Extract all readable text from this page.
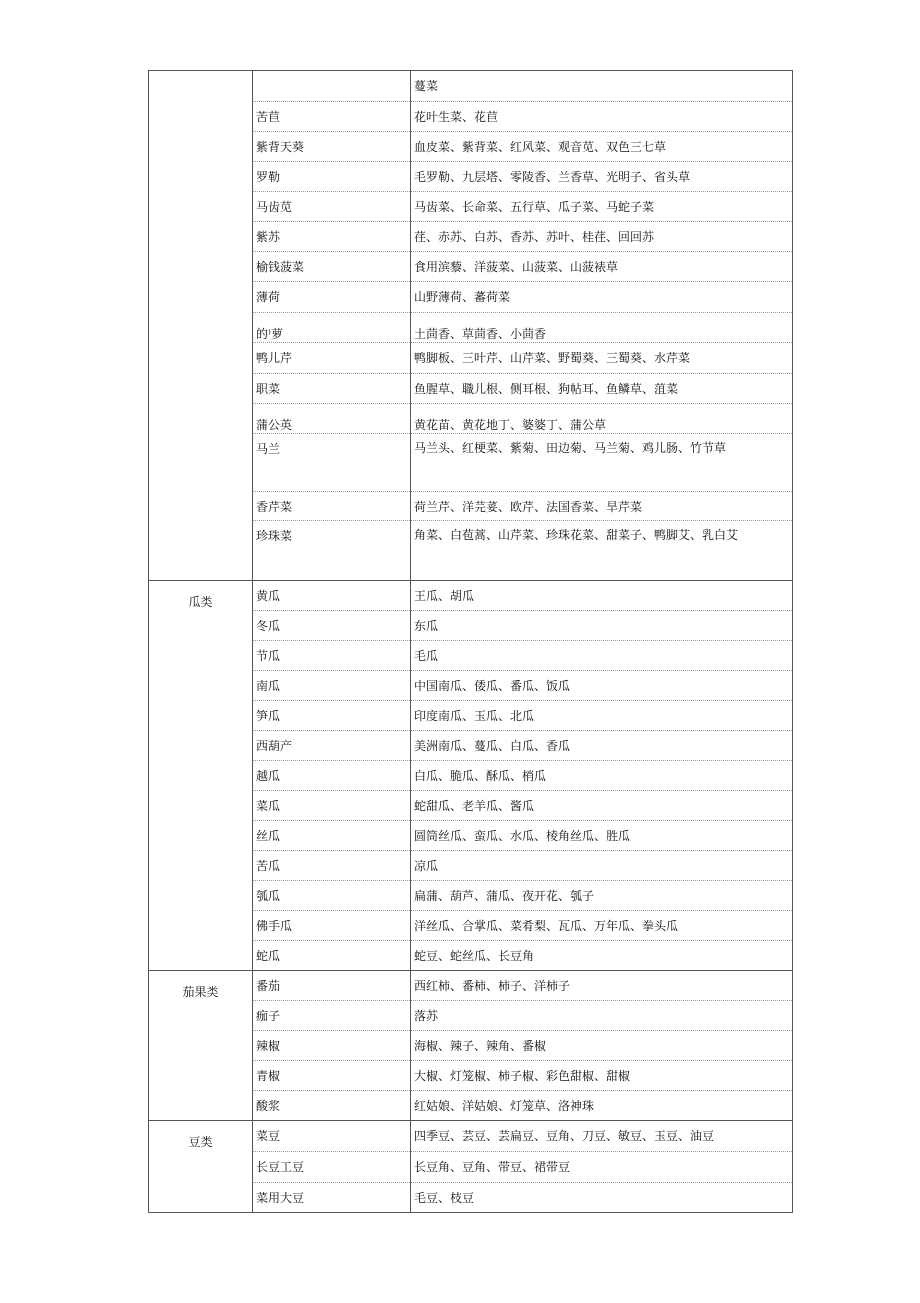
		蔓菜

	苦苣	花叶生菜、花苣

	紫背天葵	血皮菜、紫背菜、红风菜、观音苋、双色三七草

	罗勒	毛罗勒、九层塔、零陵香、兰香草、光明子、省头草

	马齿苋	马齿菜、长命菜、五行草、瓜子菜、马蛇子菜

	紫苏	荏、赤苏、白苏、香苏、苏叶、桂荏、回回苏

	榆钱菠菜	食用滨藜、洋菠菜、山菠菜、山菠裱草

	薄荷	山野薄荷、蕃荷菜

	的⁾萝	土茴香、草茴香、小茴香

	鸭儿芹	鸭脚板、三叶芹、山芹菜、野蜀葵、三蜀葵、水芹菜

	职菜	鱼腥草、職儿根、侧耳根、狗帖耳、鱼鳞草、菹菜

	蒲公英	黄花苗、黄花地丁、婆婆丁、蒲公草

	马兰	马兰头、红梗菜、紫菊、田边菊、马兰菊、鸡儿肠、竹节草

	香芹菜	荷兰芹、洋芫荽、欧芹、法国香菜、旱芹菜

	珍珠菜	角菜、白苞蒿、山芹菜、珍珠花菜、甜菜子、鸭脚艾、乳白艾

瓜类	黄瓜	王瓜、胡瓜

	冬瓜	东瓜

	节瓜	毛瓜

	南瓜	中国南瓜、倭瓜、番瓜、饭瓜

	笋瓜	印度南瓜、玉瓜、北瓜

	西葫产	美洲南瓜、蔓瓜、白瓜、香瓜

	越瓜	白瓜、脆瓜、酥瓜、梢瓜

	菜瓜	蛇甜瓜、老羊瓜、酱瓜

	丝瓜	圆筒丝瓜、蛮瓜、水瓜、棱角丝瓜、胜瓜

	苦瓜	凉瓜

	瓠瓜	扁蒲、葫芦、蒲瓜、夜开花、瓠子

	佛手瓜	洋丝瓜、合掌瓜、菜肴梨、瓦瓜、万年瓜、拳头瓜

	蛇瓜	蛇豆、蛇丝瓜、长豆角

茄果类	番茄	西红柿、番柿、柿子、洋柿子

	痂子	落苏

	辣椒	海椒、辣子、辣角、番椒

	青椒	大椒、灯笼椒、柿子椒、彩色甜椒、甜椒

	酸浆	红姑娘、洋姑娘、灯笼草、洛神珠

豆类	菜豆	四季豆、芸豆、芸扁豆、豆角、刀豆、敏豆、玉豆、油豆

	长豆工豆	长豆角、豆角、带豆、裙带豆

	菜用大豆	毛豆、枝豆
